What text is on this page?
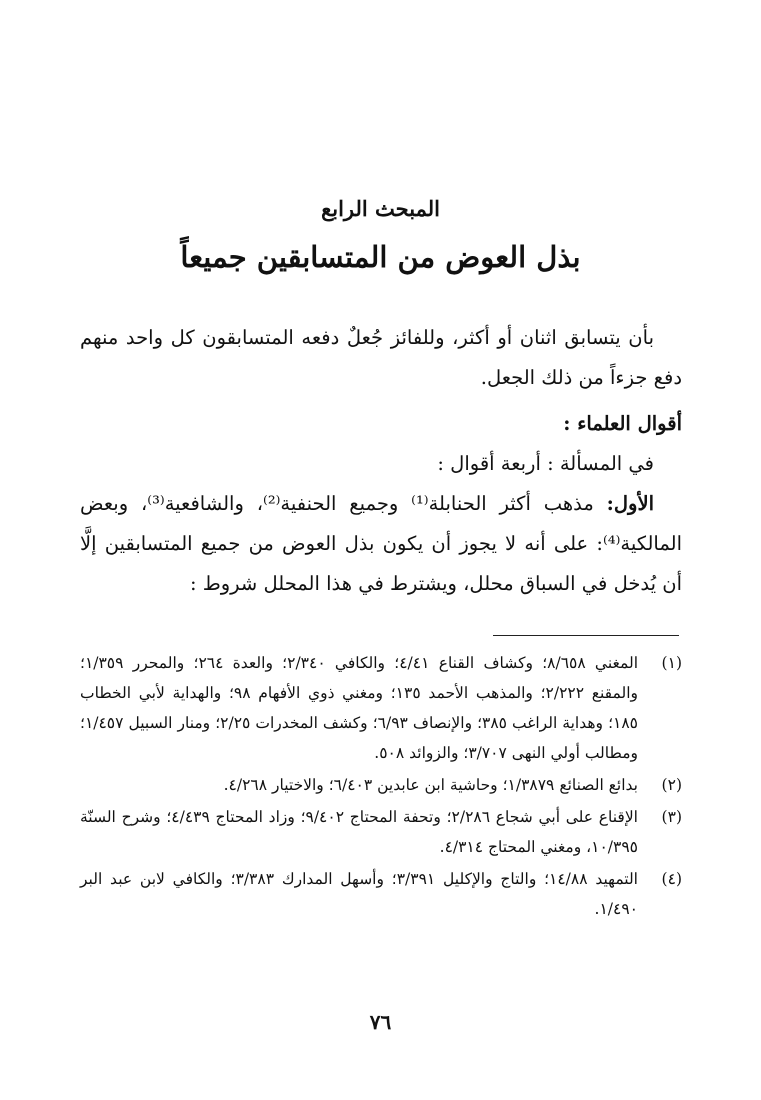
المبحث الرابع
بذل العوض من المتسابقين جميعاً

بأن يتسابق اثنان أو أكثر، وللفائز جُعلٌ دفعه المتسابقون كل واحد منهم دفع جزءاً من ذلك الجعل.

أقوال العلماء :

في المسألة : أربعة أقوال :

الأول: مذهب أكثر الحنابلة⁽¹⁾ وجميع الحنفية⁽²⁾، والشافعية⁽³⁾، وبعض المالكية⁽⁴⁾: على أنه لا يجوز أن يكون بذل العوض من جميع المتسابقين إلَّا أن يُدخل في السباق محلل، ويشترط في هذا المحلل شروط :

(١)
المغني ٨/٦٥٨؛ وكشاف القناع ٤/٤١؛ والكافي ٢/٣٤٠؛ والعدة ٢٦٤؛ والمحرر ١/٣٥٩؛ والمقنع ٢/٢٢٢؛ والمذهب الأحمد ١٣٥؛ ومغني ذوي الأفهام ٩٨؛ والهداية لأبي الخطاب ١٨٥؛ وهداية الراغب ٣٨٥؛ والإنصاف ٦/٩٣؛ وكشف المخدرات ٢/٢٥؛ ومنار السبيل ١/٤٥٧؛ ومطالب أولي النهى ٣/٧٠٧؛ والزوائد ٥٠٨.
(٢)
بدائع الصنائع ١/٣٨٧٩؛ وحاشية ابن عابدين ٦/٤٠٣؛ والاختيار ٤/٢٦٨.
(٣)
الإقناع على أبي شجاع ٢/٢٨٦؛ وتحفة المحتاج ٩/٤٠٢؛ وزاد المحتاج ٤/٤٣٩؛ وشرح السنّة ١٠/٣٩٥، ومغني المحتاج ٤/٣١٤.
(٤)
التمهيد ١٤/٨٨؛ والتاج والإكليل ٣/٣٩١؛ وأسهل المدارك ٣/٣٨٣؛ والكافي لابن عبد البر ١/٤٩٠.
٧٦
